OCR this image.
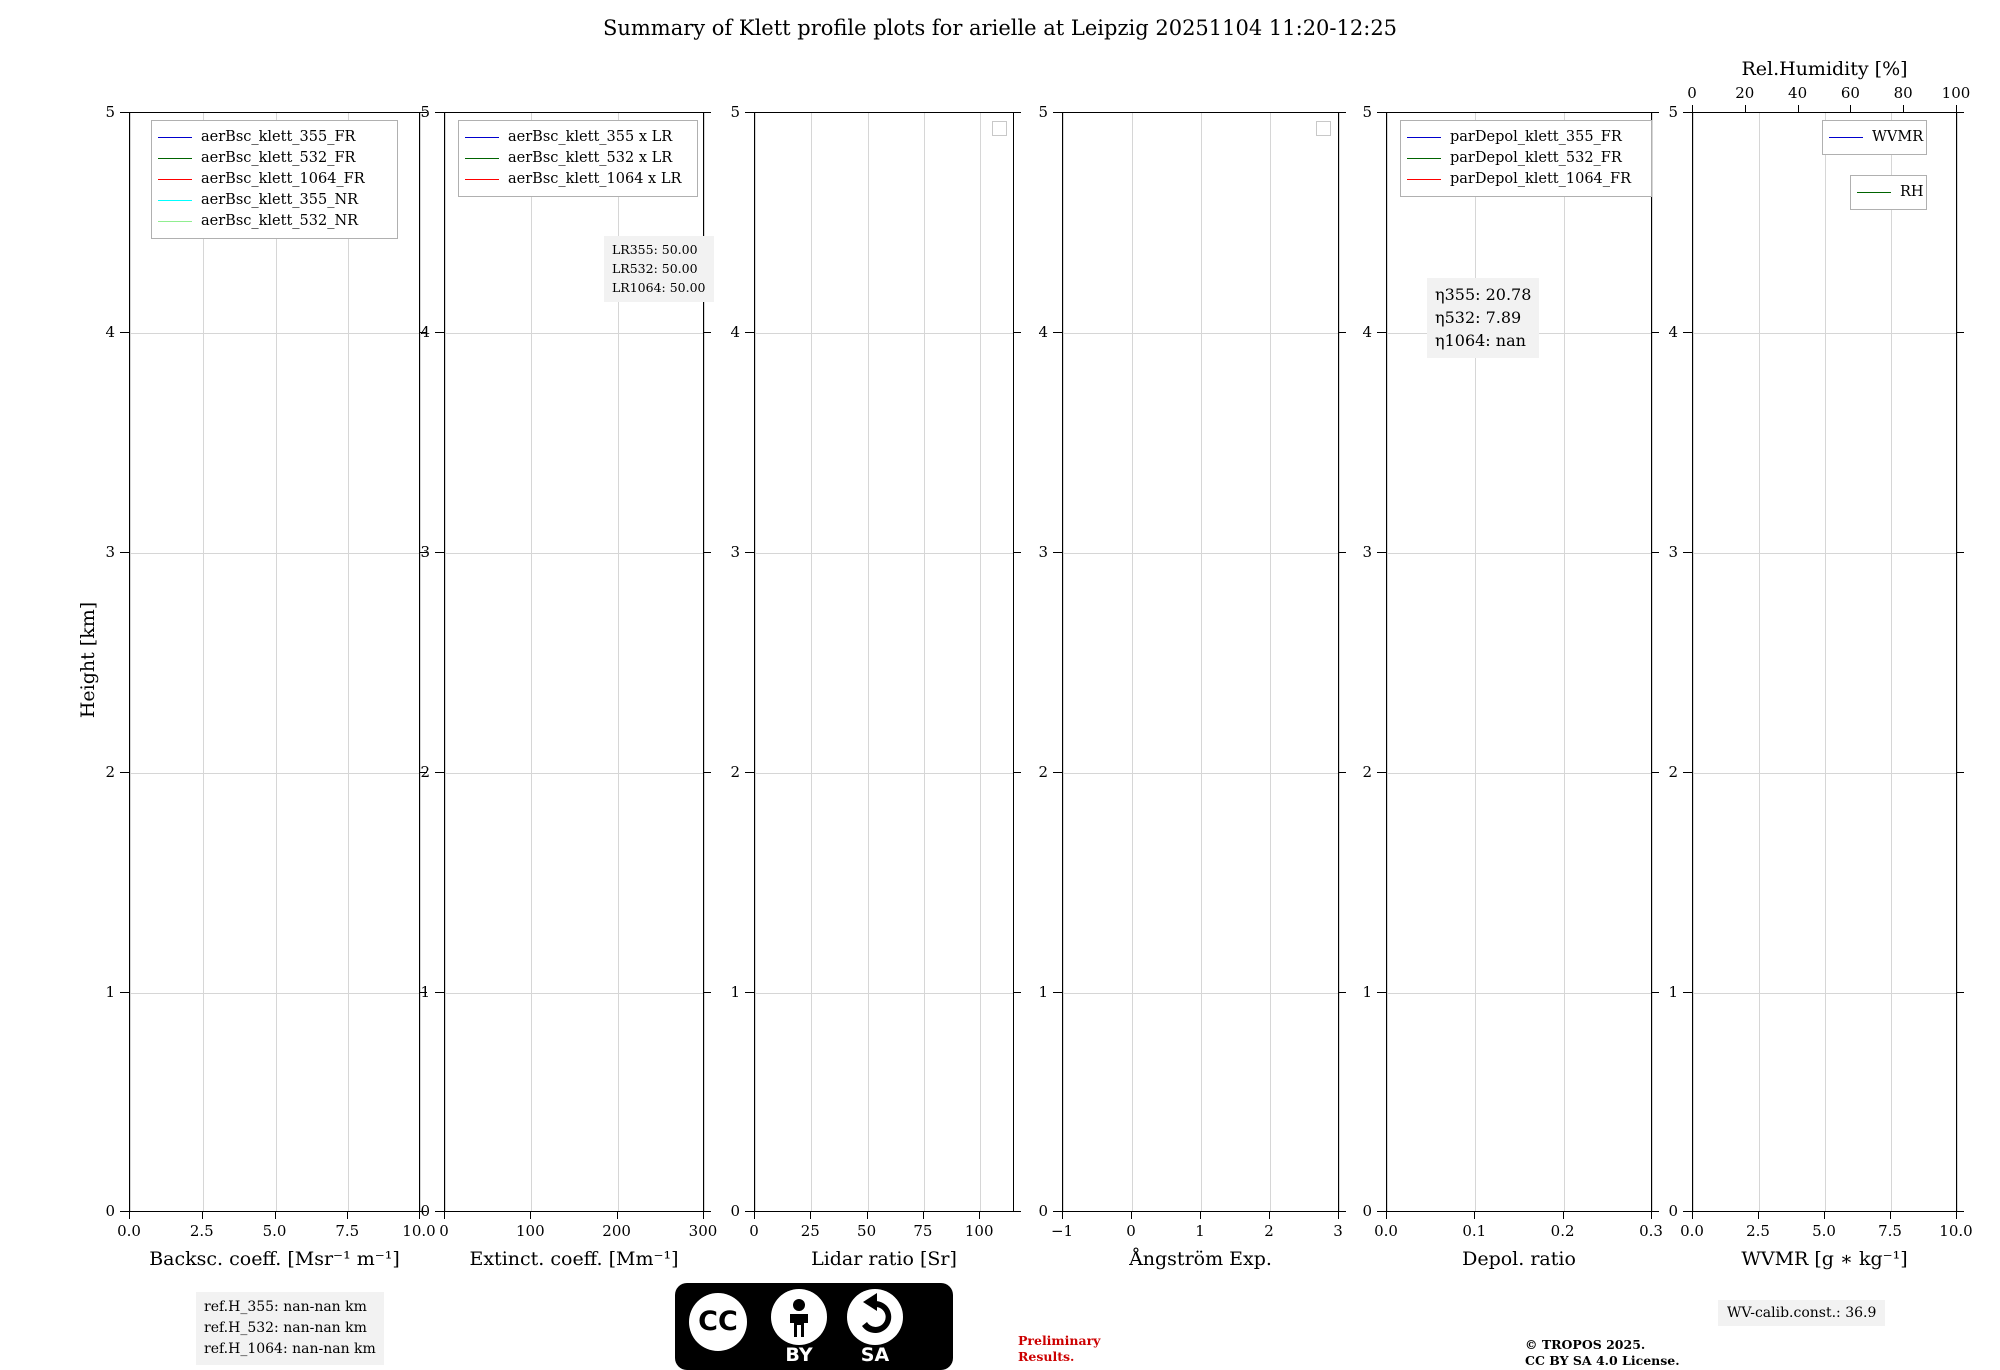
Summary of Klett profile plots for arielle at Leipzig 20251104 11:20-12:25
Height [km]
5
4
3
2
1
0
0.0	2.5	5.0	7.5	10.0
Backsc. coeff. [Msr⁻¹ m⁻¹]
aerBsc_klett_355_FR
aerBsc_klett_532_FR
aerBsc_klett_1064_FR
aerBsc_klett_355_NR
aerBsc_klett_532_NR
5
4
3
2
1
0
0	100	200	300
Extinct. coeff. [Mm⁻¹]
aerBsc_klett_355 x LR
aerBsc_klett_532 x LR
aerBsc_klett_1064 x LR
LR355: 50.00
LR532: 50.00
LR1064: 50.00
5
4
3
2
1
0
0	25 50 75 100
Lidar ratio [Sr]
5
4
3
2
1
0
−1	0	1	2	3
Ångström Exp.
5
4
3
2
1
0
0.0	0.1	0.2	0.3
Depol. ratio
parDepol_klett_355_FR
parDepol_klett_532_FR
parDepol_klett_1064_FR
η355: 20.78
η532: 7.89
η1064: nan
5
4
3
2
1
0
0.0	2.5	5.0	7.5 10.0
WVMR [g ∗ kg⁻¹]
0	20 40 60 80 100
Rel.Humidity [%]
WVMR
RH
ref.H_355: nan-nan km
ref.H_532: nan-nan km
ref.H_1064: nan-nan km
WV-calib.const.: 36.9
Preliminary
Results.
© TROPOS 2025.
CC BY SA 4.0 License.
CC
BY	SA
